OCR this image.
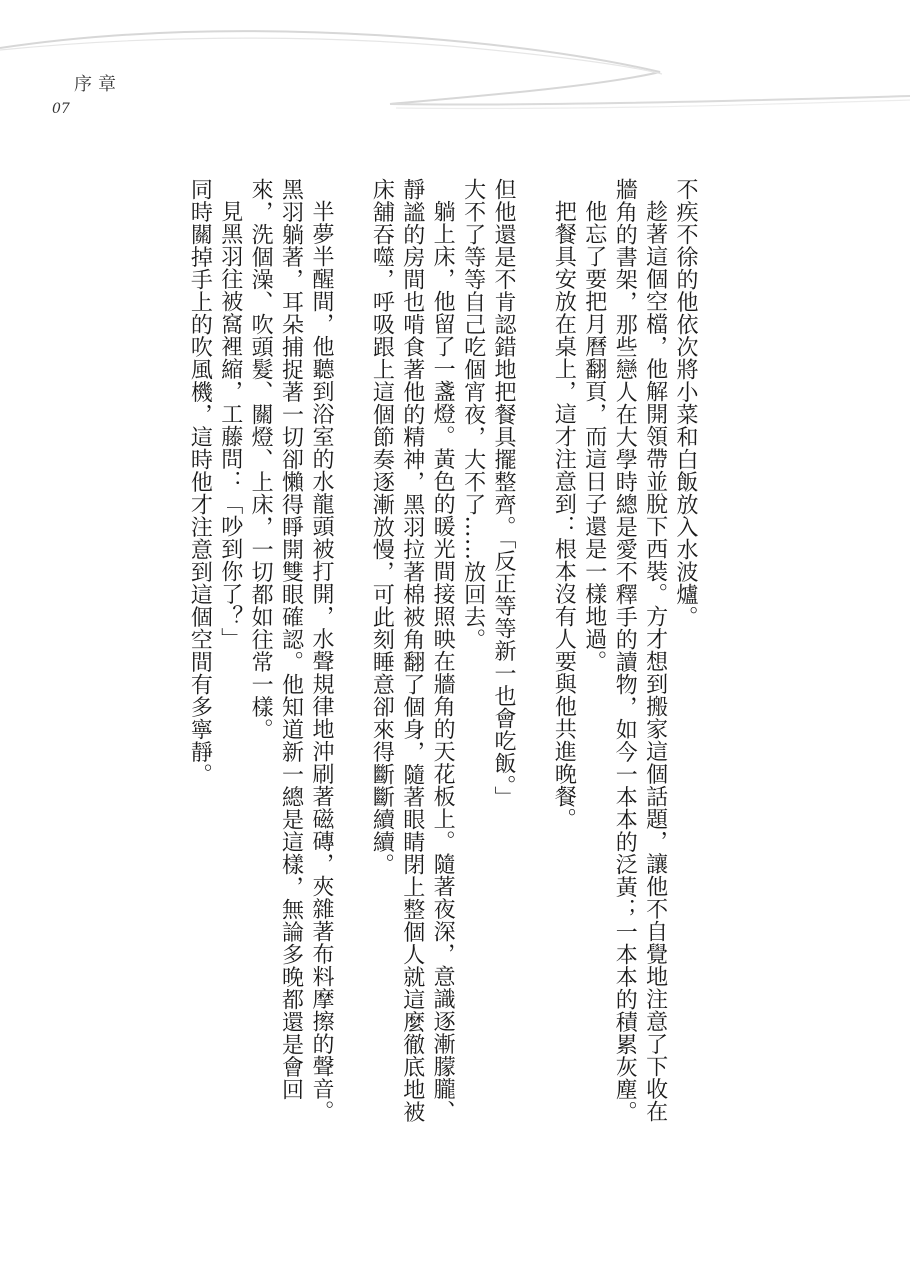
序章
07

不疾不徐的他依次將小菜和白飯放入水波爐。

趁著這個空檔，他解開領帶並脫下西裝。方才想到搬家這個話題，讓他不自覺地注意了下收在牆角的書架，那些戀人在大學時總是愛不釋手的讀物，如今一本本的泛黃；一本本的積累灰塵。

他忘了要把月曆翻頁，而這日子還是一樣地過。

把餐具安放在桌上，這才注意到：根本沒有人要與他共進晚餐。

但他還是不肯認錯地把餐具擺整齊。「反正等等新一也會吃飯。」

大不了等等自己吃個宵夜，大不了……放回去。

躺上床，他留了一盞燈。黃色的暖光間接照映在牆角的天花板上。隨著夜深，意識逐漸朦朧、靜謐的房間也啃食著他的精神，黑羽拉著棉被角翻了個身，隨著眼睛閉上整個人就這麼徹底地被床舖吞噬，呼吸跟上這個節奏逐漸放慢，可此刻睡意卻來得斷斷續續。

半夢半醒間，他聽到浴室的水龍頭被打開，水聲規律地沖刷著磁磚，夾雜著布料摩擦的聲音。

黑羽躺著，耳朵捕捉著一切卻懶得睜開雙眼確認。他知道新一總是這樣，無論多晚都還是會回來，洗個澡、吹頭髮、關燈、上床，一切都如往常一樣。

見黑羽往被窩裡縮，工藤問：「吵到你了？」

同時關掉手上的吹風機，這時他才注意到這個空間有多寧靜。
